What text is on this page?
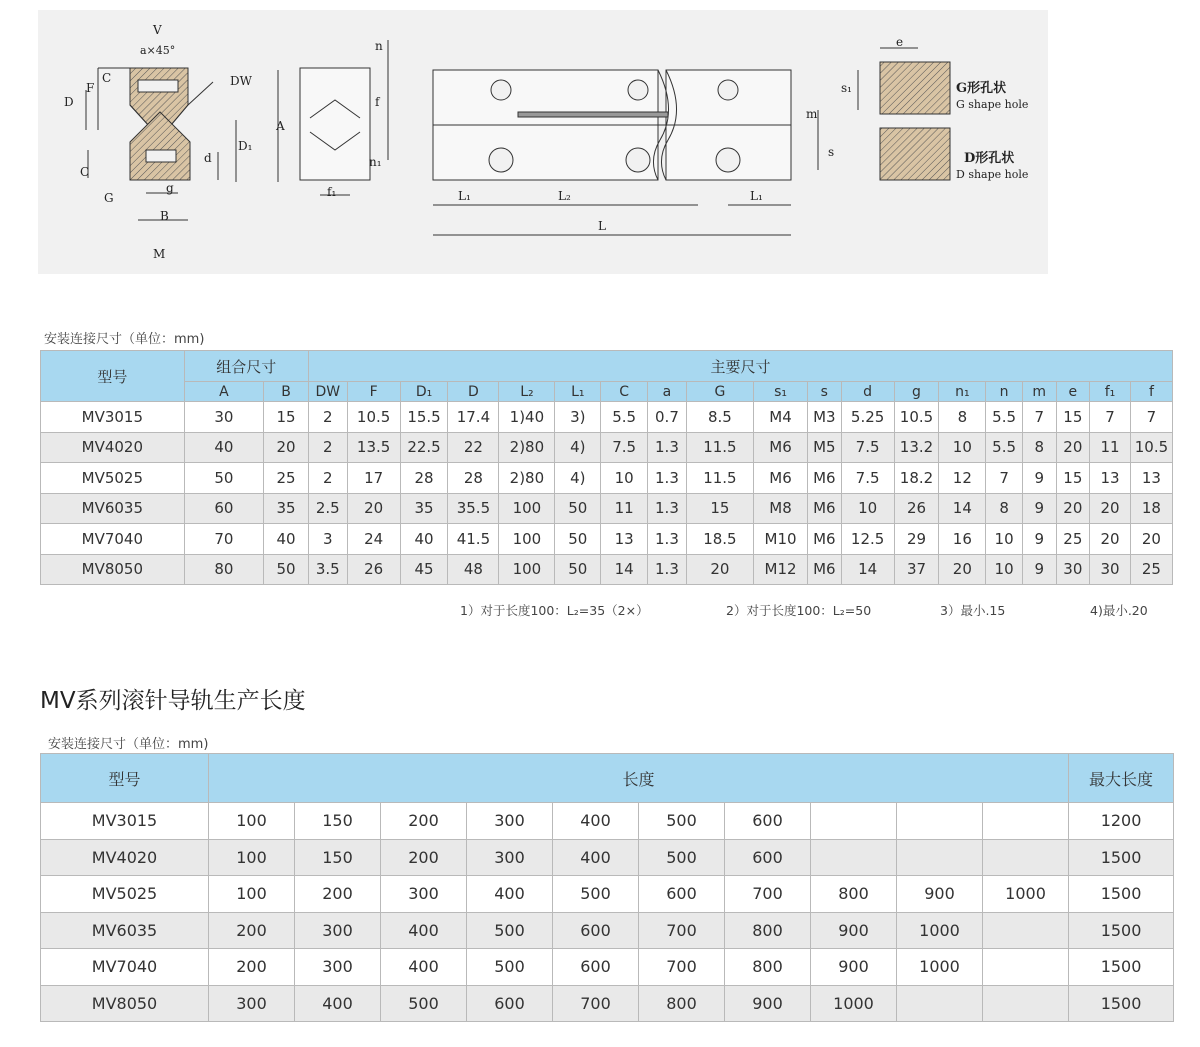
V
a×45°
DW
D
F
C
D₁
A
d
C
G
g
B
M
n
f
n₁
f₁
m
s
L₁	L₂	L₁
L
e
s₁	G形孔状
G shape hole
D形孔状
D shape hole
安装连接尺寸（单位：mm)
型号	组合尺寸		主要尺寸																		
	A	B	DW	F	D₁	D	L₂	L₁	C	a	G	s₁	s	d	g	n₁	n	m	e	f₁	f
MV3015	30	15	2	10.5	15.5	17.4	1)40	3)	5.5	0.7	8.5	M4	M3	5.25	10.5	8	5.5	7	15	7	7
MV4020	40	20	2	13.5	22.5	22	2)80	4)	7.5	1.3	11.5	M6	M5	7.5	13.2	10	5.5	8	20	11	10.5
MV5025	50	25	2	17	28	28	2)80	4)	10	1.3	11.5	M6	M6	7.5	18.2	12	7	9	15	13	13
MV6035	60	35	2.5	20	35	35.5	100	50	11	1.3	15	M8	M6	10	26	14	8	9	20	20	18
MV7040	70	40	3	24	40	41.5	100	50	13	1.3	18.5	M10	M6	12.5	29	16	10	9	25	20	20
MV8050	80	50	3.5	26	45	48	100	50	14	1.3	20	M12	M6	14	37	20	10	9	30	30	25
1）对于长度100：L₂=35（2×）	2）对于长度100：L₂=50	3）最小.15	4)最小.20
MV系列滚针导轨生产长度
安装连接尺寸（单位：mm)
型号	长度										最大长度
MV3015	100	150	200	300	400	500	600				1200
MV4020	100	150	200	300	400	500	600				1500
MV5025	100	200	300	400	500	600	700	800	900	1000	1500
MV6035	200	300	400	500	600	700	800	900	1000		1500
MV7040	200	300	400	500	600	700	800	900	1000		1500
MV8050	300	400	500	600	700	800	900	1000			1500
